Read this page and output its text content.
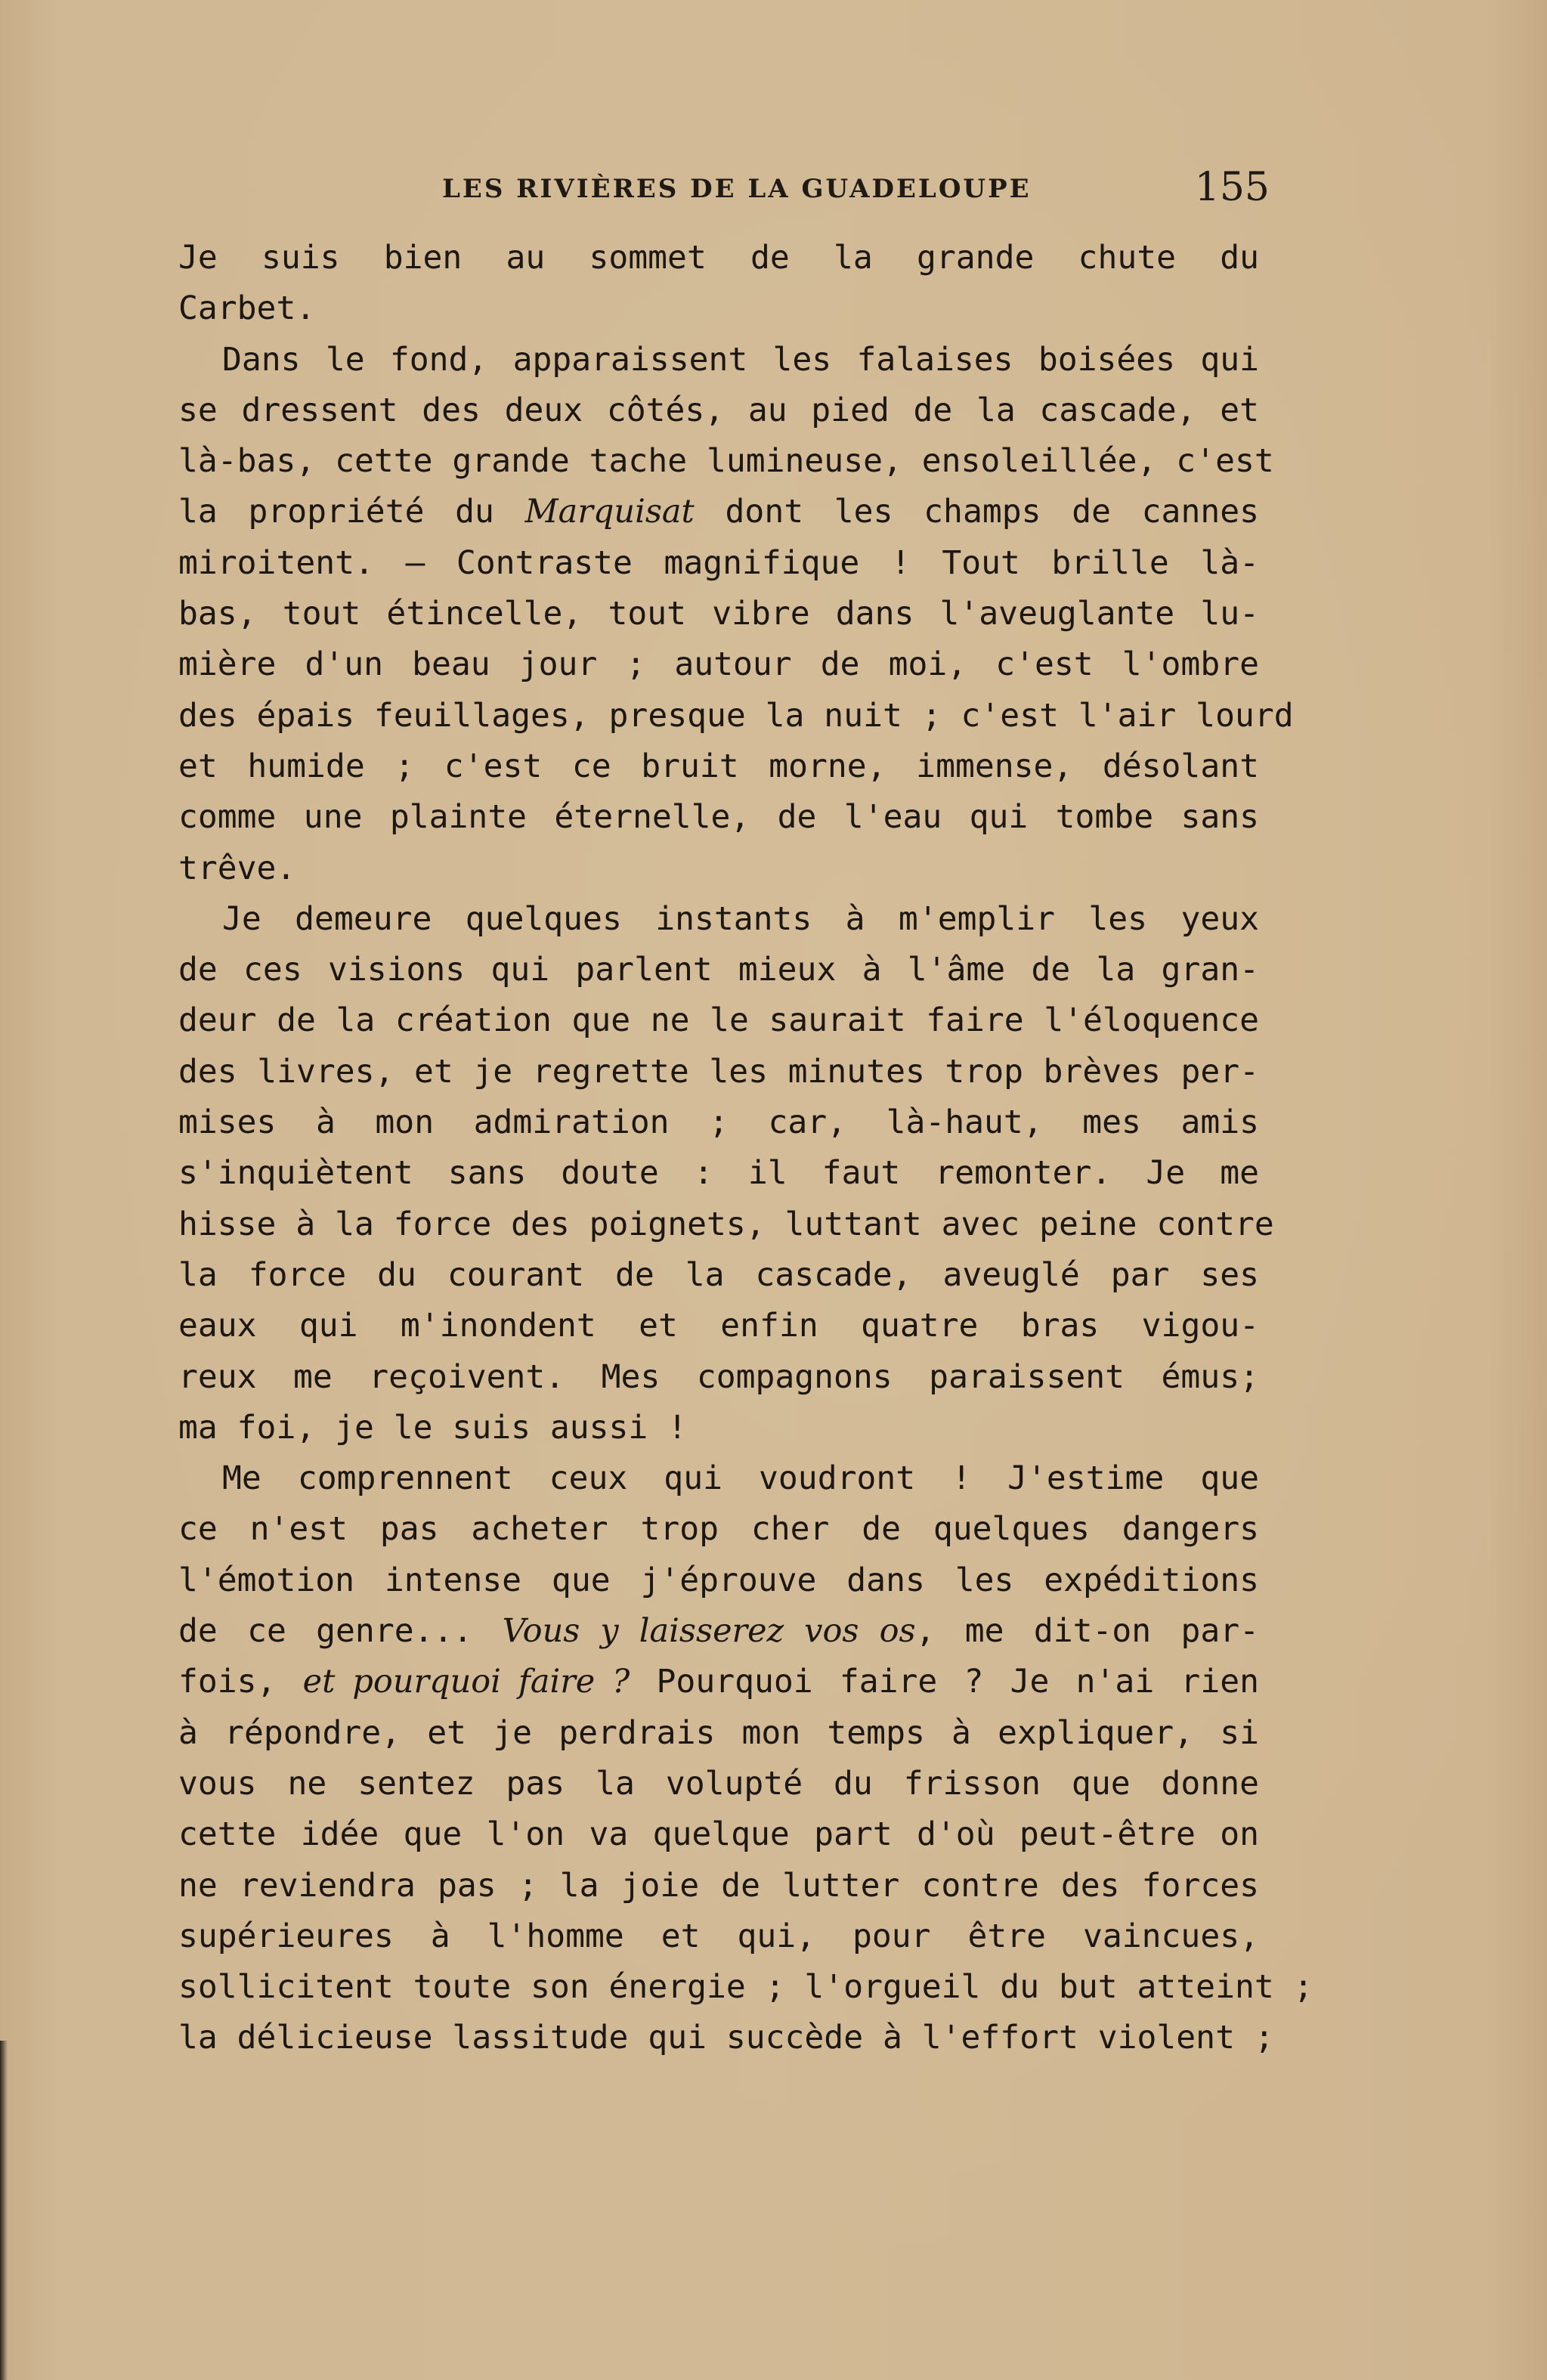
LES RIVIÈRES DE LA GUADELOUPE	155
Je suis bien au sommet de la grande chute du
Carbet.
Dans le fond, apparaissent les falaises boisées qui
se dressent des deux côtés, au pied de la cascade, et
là-bas, cette grande tache lumineuse, ensoleillée, c'est
la propriété du Marquisat dont les champs de cannes
miroitent. — Contraste magnifique ! Tout brille là-
bas, tout étincelle, tout vibre dans l'aveuglante lu-
mière d'un beau jour ; autour de moi, c'est l'ombre
des épais feuillages, presque la nuit ; c'est l'air lourd
et humide ; c'est ce bruit morne, immense, désolant
comme une plainte éternelle, de l'eau qui tombe sans
trêve.
Je demeure quelques instants à m'emplir les yeux
de ces visions qui parlent mieux à l'âme de la gran-
deur de la création que ne le saurait faire l'éloquence
des livres, et je regrette les minutes trop brèves per-
mises à mon admiration ; car, là-haut, mes amis
s'inquiètent sans doute : il faut remonter. Je me
hisse à la force des poignets, luttant avec peine contre
la force du courant de la cascade, aveuglé par ses
eaux qui m'inondent et enfin quatre bras vigou-
reux me reçoivent. Mes compagnons paraissent émus;
ma foi, je le suis aussi !
Me comprennent ceux qui voudront ! J'estime que
ce n'est pas acheter trop cher de quelques dangers
l'émotion intense que j'éprouve dans les expéditions
de ce genre... Vous y laisserez vos os, me dit-on par-
fois, et pourquoi faire ? Pourquoi faire ? Je n'ai rien
à répondre, et je perdrais mon temps à expliquer, si
vous ne sentez pas la volupté du frisson que donne
cette idée que l'on va quelque part d'où peut-être on
ne reviendra pas ; la joie de lutter contre des forces
supérieures à l'homme et qui, pour être vaincues,
sollicitent toute son énergie ; l'orgueil du but atteint ;
la délicieuse lassitude qui succède à l'effort violent ;
